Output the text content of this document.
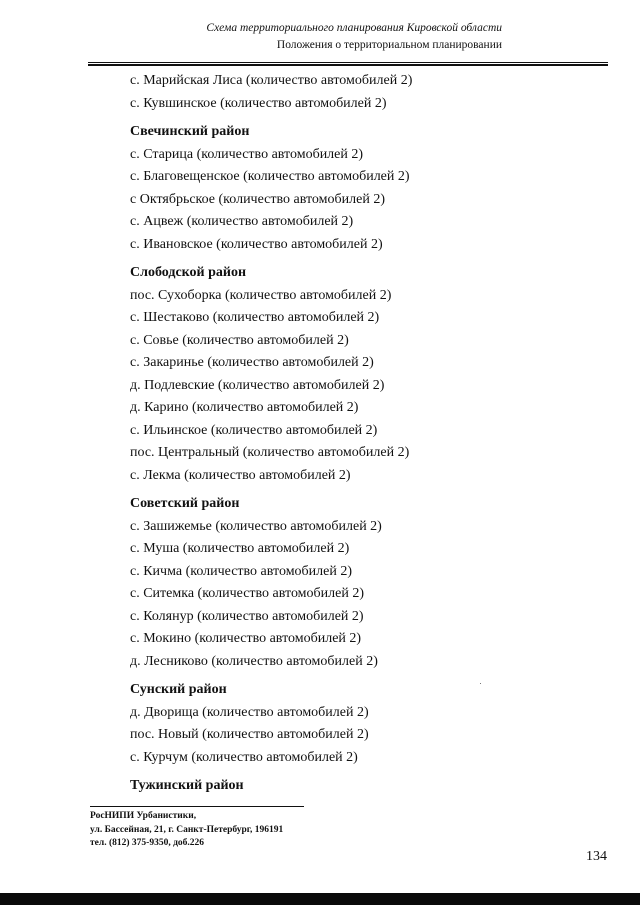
Схема территориального планирования Кировской области
Положения о территориальном планировании
с. Марийская Лиса (количество автомобилей 2)
с. Кувшинское (количество автомобилей 2)
Свечинский район
с. Старица (количество автомобилей 2)
с. Благовещенское (количество автомобилей 2)
с Октябрьское (количество автомобилей 2)
с. Ацвеж (количество автомобилей 2)
с. Ивановское (количество автомобилей 2)
Слободской район
пос. Сухоборка (количество автомобилей 2)
с. Шестаково (количество автомобилей 2)
с. Совье (количество автомобилей 2)
с. Закаринье (количество автомобилей 2)
д. Подлевские (количество автомобилей 2)
д. Карино (количество автомобилей 2)
с. Ильинское (количество автомобилей 2)
пос. Центральный (количество автомобилей 2)
с. Лекма (количество автомобилей 2)
Советский район
с. Зашижемье (количество автомобилей 2)
с. Муша (количество автомобилей 2)
с. Кичма (количество автомобилей 2)
с. Ситемка (количество автомобилей 2)
с. Колянур (количество автомобилей 2)
с. Мокино (количество автомобилей 2)
д. Лесниково (количество автомобилей 2)
Сунский район
д. Дворища (количество автомобилей 2)
пос. Новый (количество автомобилей 2)
с. Курчум (количество автомобилей 2)
Тужинский район
РосНИПИ Урбанистики,
ул. Бассейная, 21, г. Санкт-Петербург, 196191
тел. (812) 375-9350, доб.226
134
